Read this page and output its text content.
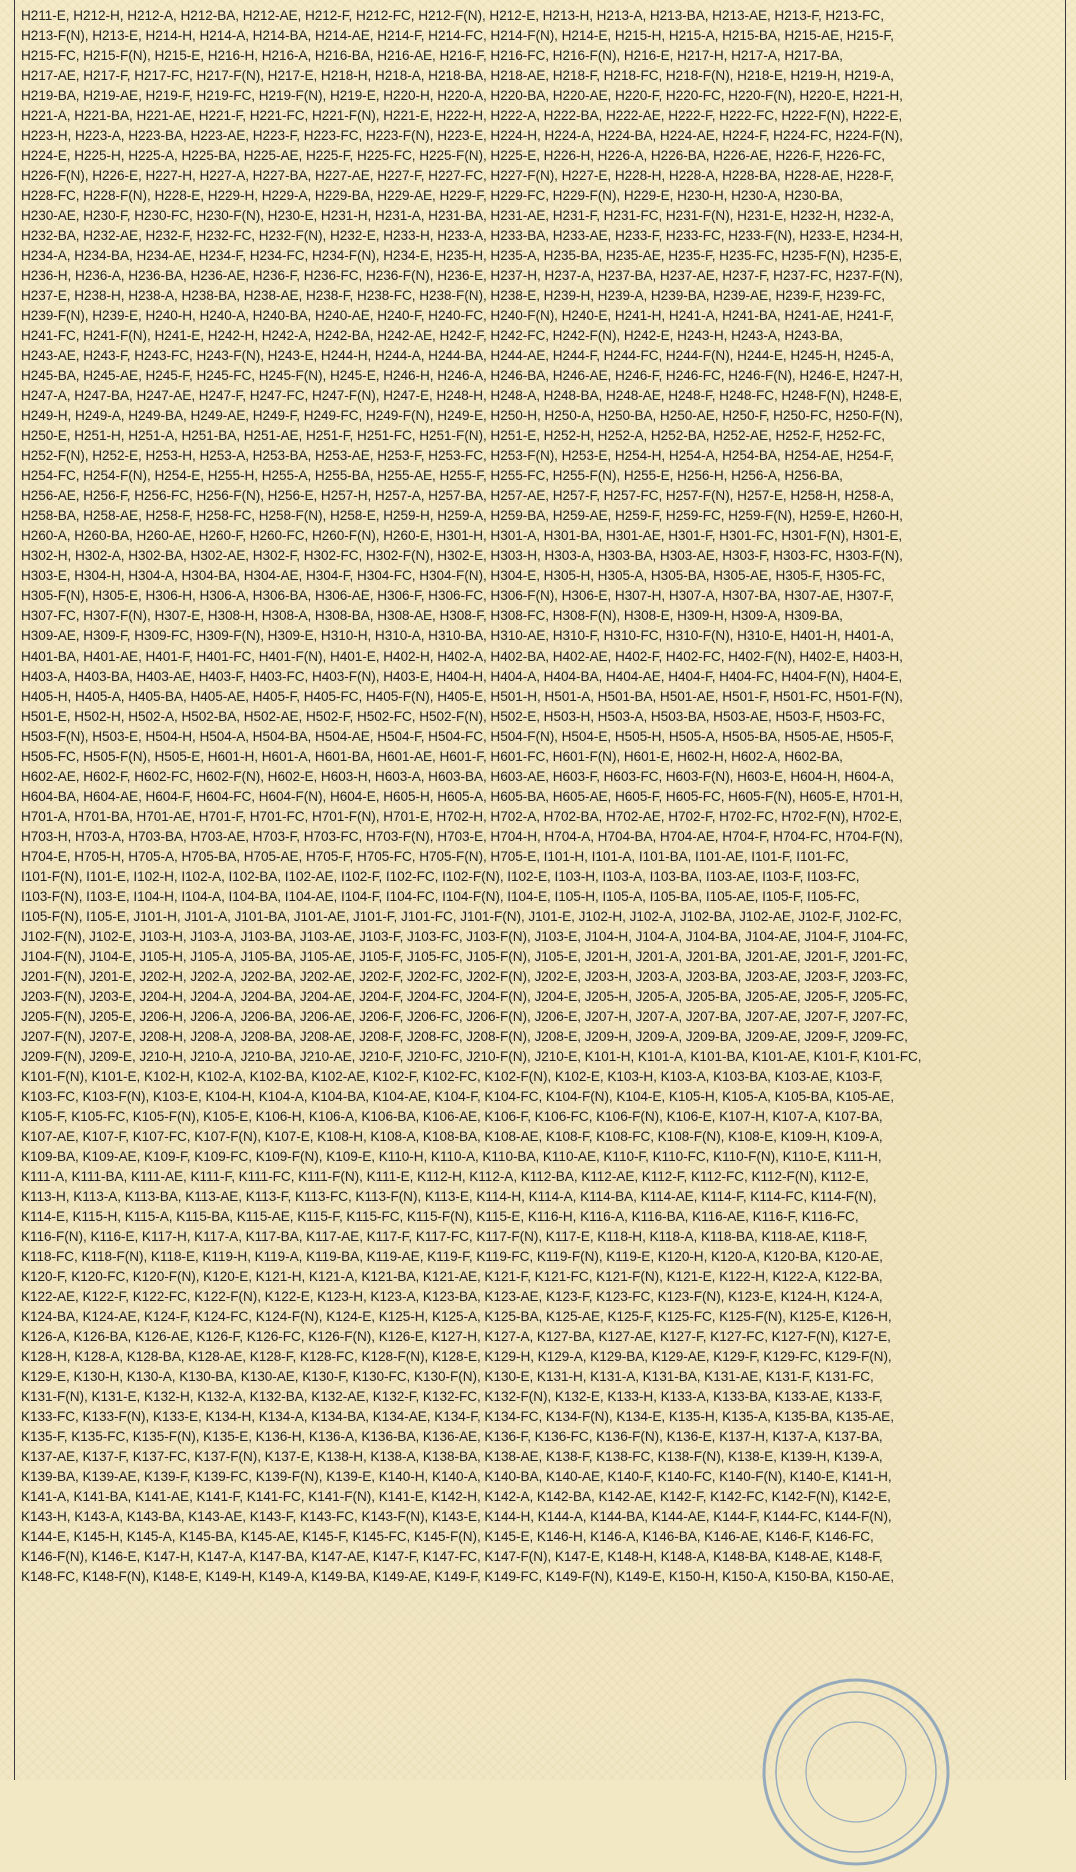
H211-E, H212-H, H212-A, H212-BA, H212-AE, H212-F, H212-FC, H212-F(N), H212-E, H213-H, H213-A, H213-BA, H213-AE, H213-F, H213-FC,
H213-F(N), H213-E, H214-H, H214-A, H214-BA, H214-AE, H214-F, H214-FC, H214-F(N), H214-E, H215-H, H215-A, H215-BA, H215-AE, H215-F,
H215-FC, H215-F(N), H215-E, H216-H, H216-A, H216-BA, H216-AE, H216-F, H216-FC, H216-F(N), H216-E, H217-H, H217-A, H217-BA,
H217-AE, H217-F, H217-FC, H217-F(N), H217-E, H218-H, H218-A, H218-BA, H218-AE, H218-F, H218-FC, H218-F(N), H218-E, H219-H, H219-A,
H219-BA, H219-AE, H219-F, H219-FC, H219-F(N), H219-E, H220-H, H220-A, H220-BA, H220-AE, H220-F, H220-FC, H220-F(N), H220-E, H221-H,
H221-A, H221-BA, H221-AE, H221-F, H221-FC, H221-F(N), H221-E, H222-H, H222-A, H222-BA, H222-AE, H222-F, H222-FC, H222-F(N), H222-E,
H223-H, H223-A, H223-BA, H223-AE, H223-F, H223-FC, H223-F(N), H223-E, H224-H, H224-A, H224-BA, H224-AE, H224-F, H224-FC, H224-F(N),
H224-E, H225-H, H225-A, H225-BA, H225-AE, H225-F, H225-FC, H225-F(N), H225-E, H226-H, H226-A, H226-BA, H226-AE, H226-F, H226-FC,
H226-F(N), H226-E, H227-H, H227-A, H227-BA, H227-AE, H227-F, H227-FC, H227-F(N), H227-E, H228-H, H228-A, H228-BA, H228-AE, H228-F,
H228-FC, H228-F(N), H228-E, H229-H, H229-A, H229-BA, H229-AE, H229-F, H229-FC, H229-F(N), H229-E, H230-H, H230-A, H230-BA,
H230-AE, H230-F, H230-FC, H230-F(N), H230-E, H231-H, H231-A, H231-BA, H231-AE, H231-F, H231-FC, H231-F(N), H231-E, H232-H, H232-A,
H232-BA, H232-AE, H232-F, H232-FC, H232-F(N), H232-E, H233-H, H233-A, H233-BA, H233-AE, H233-F, H233-FC, H233-F(N), H233-E, H234-H,
H234-A, H234-BA, H234-AE, H234-F, H234-FC, H234-F(N), H234-E, H235-H, H235-A, H235-BA, H235-AE, H235-F, H235-FC, H235-F(N), H235-E,
H236-H, H236-A, H236-BA, H236-AE, H236-F, H236-FC, H236-F(N), H236-E, H237-H, H237-A, H237-BA, H237-AE, H237-F, H237-FC, H237-F(N),
H237-E, H238-H, H238-A, H238-BA, H238-AE, H238-F, H238-FC, H238-F(N), H238-E, H239-H, H239-A, H239-BA, H239-AE, H239-F, H239-FC,
H239-F(N), H239-E, H240-H, H240-A, H240-BA, H240-AE, H240-F, H240-FC, H240-F(N), H240-E, H241-H, H241-A, H241-BA, H241-AE, H241-F,
H241-FC, H241-F(N), H241-E, H242-H, H242-A, H242-BA, H242-AE, H242-F, H242-FC, H242-F(N), H242-E, H243-H, H243-A, H243-BA,
H243-AE, H243-F, H243-FC, H243-F(N), H243-E, H244-H, H244-A, H244-BA, H244-AE, H244-F, H244-FC, H244-F(N), H244-E, H245-H, H245-A,
H245-BA, H245-AE, H245-F, H245-FC, H245-F(N), H245-E, H246-H, H246-A, H246-BA, H246-AE, H246-F, H246-FC, H246-F(N), H246-E, H247-H,
H247-A, H247-BA, H247-AE, H247-F, H247-FC, H247-F(N), H247-E, H248-H, H248-A, H248-BA, H248-AE, H248-F, H248-FC, H248-F(N), H248-E,
H249-H, H249-A, H249-BA, H249-AE, H249-F, H249-FC, H249-F(N), H249-E, H250-H, H250-A, H250-BA, H250-AE, H250-F, H250-FC, H250-F(N),
H250-E, H251-H, H251-A, H251-BA, H251-AE, H251-F, H251-FC, H251-F(N), H251-E, H252-H, H252-A, H252-BA, H252-AE, H252-F, H252-FC,
H252-F(N), H252-E, H253-H, H253-A, H253-BA, H253-AE, H253-F, H253-FC, H253-F(N), H253-E, H254-H, H254-A, H254-BA, H254-AE, H254-F,
H254-FC, H254-F(N), H254-E, H255-H, H255-A, H255-BA, H255-AE, H255-F, H255-FC, H255-F(N), H255-E, H256-H, H256-A, H256-BA,
H256-AE, H256-F, H256-FC, H256-F(N), H256-E, H257-H, H257-A, H257-BA, H257-AE, H257-F, H257-FC, H257-F(N), H257-E, H258-H, H258-A,
H258-BA, H258-AE, H258-F, H258-FC, H258-F(N), H258-E, H259-H, H259-A, H259-BA, H259-AE, H259-F, H259-FC, H259-F(N), H259-E, H260-H,
H260-A, H260-BA, H260-AE, H260-F, H260-FC, H260-F(N), H260-E, H301-H, H301-A, H301-BA, H301-AE, H301-F, H301-FC, H301-F(N), H301-E,
H302-H, H302-A, H302-BA, H302-AE, H302-F, H302-FC, H302-F(N), H302-E, H303-H, H303-A, H303-BA, H303-AE, H303-F, H303-FC, H303-F(N),
H303-E, H304-H, H304-A, H304-BA, H304-AE, H304-F, H304-FC, H304-F(N), H304-E, H305-H, H305-A, H305-BA, H305-AE, H305-F, H305-FC,
H305-F(N), H305-E, H306-H, H306-A, H306-BA, H306-AE, H306-F, H306-FC, H306-F(N), H306-E, H307-H, H307-A, H307-BA, H307-AE, H307-F,
H307-FC, H307-F(N), H307-E, H308-H, H308-A, H308-BA, H308-AE, H308-F, H308-FC, H308-F(N), H308-E, H309-H, H309-A, H309-BA,
H309-AE, H309-F, H309-FC, H309-F(N), H309-E, H310-H, H310-A, H310-BA, H310-AE, H310-F, H310-FC, H310-F(N), H310-E, H401-H, H401-A,
H401-BA, H401-AE, H401-F, H401-FC, H401-F(N), H401-E, H402-H, H402-A, H402-BA, H402-AE, H402-F, H402-FC, H402-F(N), H402-E, H403-H,
H403-A, H403-BA, H403-AE, H403-F, H403-FC, H403-F(N), H403-E, H404-H, H404-A, H404-BA, H404-AE, H404-F, H404-FC, H404-F(N), H404-E,
H405-H, H405-A, H405-BA, H405-AE, H405-F, H405-FC, H405-F(N), H405-E, H501-H, H501-A, H501-BA, H501-AE, H501-F, H501-FC, H501-F(N),
H501-E, H502-H, H502-A, H502-BA, H502-AE, H502-F, H502-FC, H502-F(N), H502-E, H503-H, H503-A, H503-BA, H503-AE, H503-F, H503-FC,
H503-F(N), H503-E, H504-H, H504-A, H504-BA, H504-AE, H504-F, H504-FC, H504-F(N), H504-E, H505-H, H505-A, H505-BA, H505-AE, H505-F,
H505-FC, H505-F(N), H505-E, H601-H, H601-A, H601-BA, H601-AE, H601-F, H601-FC, H601-F(N), H601-E, H602-H, H602-A, H602-BA,
H602-AE, H602-F, H602-FC, H602-F(N), H602-E, H603-H, H603-A, H603-BA, H603-AE, H603-F, H603-FC, H603-F(N), H603-E, H604-H, H604-A,
H604-BA, H604-AE, H604-F, H604-FC, H604-F(N), H604-E, H605-H, H605-A, H605-BA, H605-AE, H605-F, H605-FC, H605-F(N), H605-E, H701-H,
H701-A, H701-BA, H701-AE, H701-F, H701-FC, H701-F(N), H701-E, H702-H, H702-A, H702-BA, H702-AE, H702-F, H702-FC, H702-F(N), H702-E,
H703-H, H703-A, H703-BA, H703-AE, H703-F, H703-FC, H703-F(N), H703-E, H704-H, H704-A, H704-BA, H704-AE, H704-F, H704-FC, H704-F(N),
H704-E, H705-H, H705-A, H705-BA, H705-AE, H705-F, H705-FC, H705-F(N), H705-E, I101-H, I101-A, I101-BA, I101-AE, I101-F, I101-FC,
I101-F(N), I101-E, I102-H, I102-A, I102-BA, I102-AE, I102-F, I102-FC, I102-F(N), I102-E, I103-H, I103-A, I103-BA, I103-AE, I103-F, I103-FC,
I103-F(N), I103-E, I104-H, I104-A, I104-BA, I104-AE, I104-F, I104-FC, I104-F(N), I104-E, I105-H, I105-A, I105-BA, I105-AE, I105-F, I105-FC,
I105-F(N), I105-E, J101-H, J101-A, J101-BA, J101-AE, J101-F, J101-FC, J101-F(N), J101-E, J102-H, J102-A, J102-BA, J102-AE, J102-F, J102-FC,
J102-F(N), J102-E, J103-H, J103-A, J103-BA, J103-AE, J103-F, J103-FC, J103-F(N), J103-E, J104-H, J104-A, J104-BA, J104-AE, J104-F, J104-FC,
J104-F(N), J104-E, J105-H, J105-A, J105-BA, J105-AE, J105-F, J105-FC, J105-F(N), J105-E, J201-H, J201-A, J201-BA, J201-AE, J201-F, J201-FC,
J201-F(N), J201-E, J202-H, J202-A, J202-BA, J202-AE, J202-F, J202-FC, J202-F(N), J202-E, J203-H, J203-A, J203-BA, J203-AE, J203-F, J203-FC,
J203-F(N), J203-E, J204-H, J204-A, J204-BA, J204-AE, J204-F, J204-FC, J204-F(N), J204-E, J205-H, J205-A, J205-BA, J205-AE, J205-F, J205-FC,
J205-F(N), J205-E, J206-H, J206-A, J206-BA, J206-AE, J206-F, J206-FC, J206-F(N), J206-E, J207-H, J207-A, J207-BA, J207-AE, J207-F, J207-FC,
J207-F(N), J207-E, J208-H, J208-A, J208-BA, J208-AE, J208-F, J208-FC, J208-F(N), J208-E, J209-H, J209-A, J209-BA, J209-AE, J209-F, J209-FC,
J209-F(N), J209-E, J210-H, J210-A, J210-BA, J210-AE, J210-F, J210-FC, J210-F(N), J210-E, K101-H, K101-A, K101-BA, K101-AE, K101-F, K101-FC,
K101-F(N), K101-E, K102-H, K102-A, K102-BA, K102-AE, K102-F, K102-FC, K102-F(N), K102-E, K103-H, K103-A, K103-BA, K103-AE, K103-F,
K103-FC, K103-F(N), K103-E, K104-H, K104-A, K104-BA, K104-AE, K104-F, K104-FC, K104-F(N), K104-E, K105-H, K105-A, K105-BA, K105-AE,
K105-F, K105-FC, K105-F(N), K105-E, K106-H, K106-A, K106-BA, K106-AE, K106-F, K106-FC, K106-F(N), K106-E, K107-H, K107-A, K107-BA,
K107-AE, K107-F, K107-FC, K107-F(N), K107-E, K108-H, K108-A, K108-BA, K108-AE, K108-F, K108-FC, K108-F(N), K108-E, K109-H, K109-A,
K109-BA, K109-AE, K109-F, K109-FC, K109-F(N), K109-E, K110-H, K110-A, K110-BA, K110-AE, K110-F, K110-FC, K110-F(N), K110-E, K111-H,
K111-A, K111-BA, K111-AE, K111-F, K111-FC, K111-F(N), K111-E, K112-H, K112-A, K112-BA, K112-AE, K112-F, K112-FC, K112-F(N), K112-E,
K113-H, K113-A, K113-BA, K113-AE, K113-F, K113-FC, K113-F(N), K113-E, K114-H, K114-A, K114-BA, K114-AE, K114-F, K114-FC, K114-F(N),
K114-E, K115-H, K115-A, K115-BA, K115-AE, K115-F, K115-FC, K115-F(N), K115-E, K116-H, K116-A, K116-BA, K116-AE, K116-F, K116-FC,
K116-F(N), K116-E, K117-H, K117-A, K117-BA, K117-AE, K117-F, K117-FC, K117-F(N), K117-E, K118-H, K118-A, K118-BA, K118-AE, K118-F,
K118-FC, K118-F(N), K118-E, K119-H, K119-A, K119-BA, K119-AE, K119-F, K119-FC, K119-F(N), K119-E, K120-H, K120-A, K120-BA, K120-AE,
K120-F, K120-FC, K120-F(N), K120-E, K121-H, K121-A, K121-BA, K121-AE, K121-F, K121-FC, K121-F(N), K121-E, K122-H, K122-A, K122-BA,
K122-AE, K122-F, K122-FC, K122-F(N), K122-E, K123-H, K123-A, K123-BA, K123-AE, K123-F, K123-FC, K123-F(N), K123-E, K124-H, K124-A,
K124-BA, K124-AE, K124-F, K124-FC, K124-F(N), K124-E, K125-H, K125-A, K125-BA, K125-AE, K125-F, K125-FC, K125-F(N), K125-E, K126-H,
K126-A, K126-BA, K126-AE, K126-F, K126-FC, K126-F(N), K126-E, K127-H, K127-A, K127-BA, K127-AE, K127-F, K127-FC, K127-F(N), K127-E,
K128-H, K128-A, K128-BA, K128-AE, K128-F, K128-FC, K128-F(N), K128-E, K129-H, K129-A, K129-BA, K129-AE, K129-F, K129-FC, K129-F(N),
K129-E, K130-H, K130-A, K130-BA, K130-AE, K130-F, K130-FC, K130-F(N), K130-E, K131-H, K131-A, K131-BA, K131-AE, K131-F, K131-FC,
K131-F(N), K131-E, K132-H, K132-A, K132-BA, K132-AE, K132-F, K132-FC, K132-F(N), K132-E, K133-H, K133-A, K133-BA, K133-AE, K133-F,
K133-FC, K133-F(N), K133-E, K134-H, K134-A, K134-BA, K134-AE, K134-F, K134-FC, K134-F(N), K134-E, K135-H, K135-A, K135-BA, K135-AE,
K135-F, K135-FC, K135-F(N), K135-E, K136-H, K136-A, K136-BA, K136-AE, K136-F, K136-FC, K136-F(N), K136-E, K137-H, K137-A, K137-BA,
K137-AE, K137-F, K137-FC, K137-F(N), K137-E, K138-H, K138-A, K138-BA, K138-AE, K138-F, K138-FC, K138-F(N), K138-E, K139-H, K139-A,
K139-BA, K139-AE, K139-F, K139-FC, K139-F(N), K139-E, K140-H, K140-A, K140-BA, K140-AE, K140-F, K140-FC, K140-F(N), K140-E, K141-H,
K141-A, K141-BA, K141-AE, K141-F, K141-FC, K141-F(N), K141-E, K142-H, K142-A, K142-BA, K142-AE, K142-F, K142-FC, K142-F(N), K142-E,
K143-H, K143-A, K143-BA, K143-AE, K143-F, K143-FC, K143-F(N), K143-E, K144-H, K144-A, K144-BA, K144-AE, K144-F, K144-FC, K144-F(N),
K144-E, K145-H, K145-A, K145-BA, K145-AE, K145-F, K145-FC, K145-F(N), K145-E, K146-H, K146-A, K146-BA, K146-AE, K146-F, K146-FC,
K146-F(N), K146-E, K147-H, K147-A, K147-BA, K147-AE, K147-F, K147-FC, K147-F(N), K147-E, K148-H, K148-A, K148-BA, K148-AE, K148-F,
K148-FC, K148-F(N), K148-E, K149-H, K149-A, K149-BA, K149-AE, K149-F, K149-FC, K149-F(N), K149-E, K150-H, K150-A, K150-BA, K150-AE,
